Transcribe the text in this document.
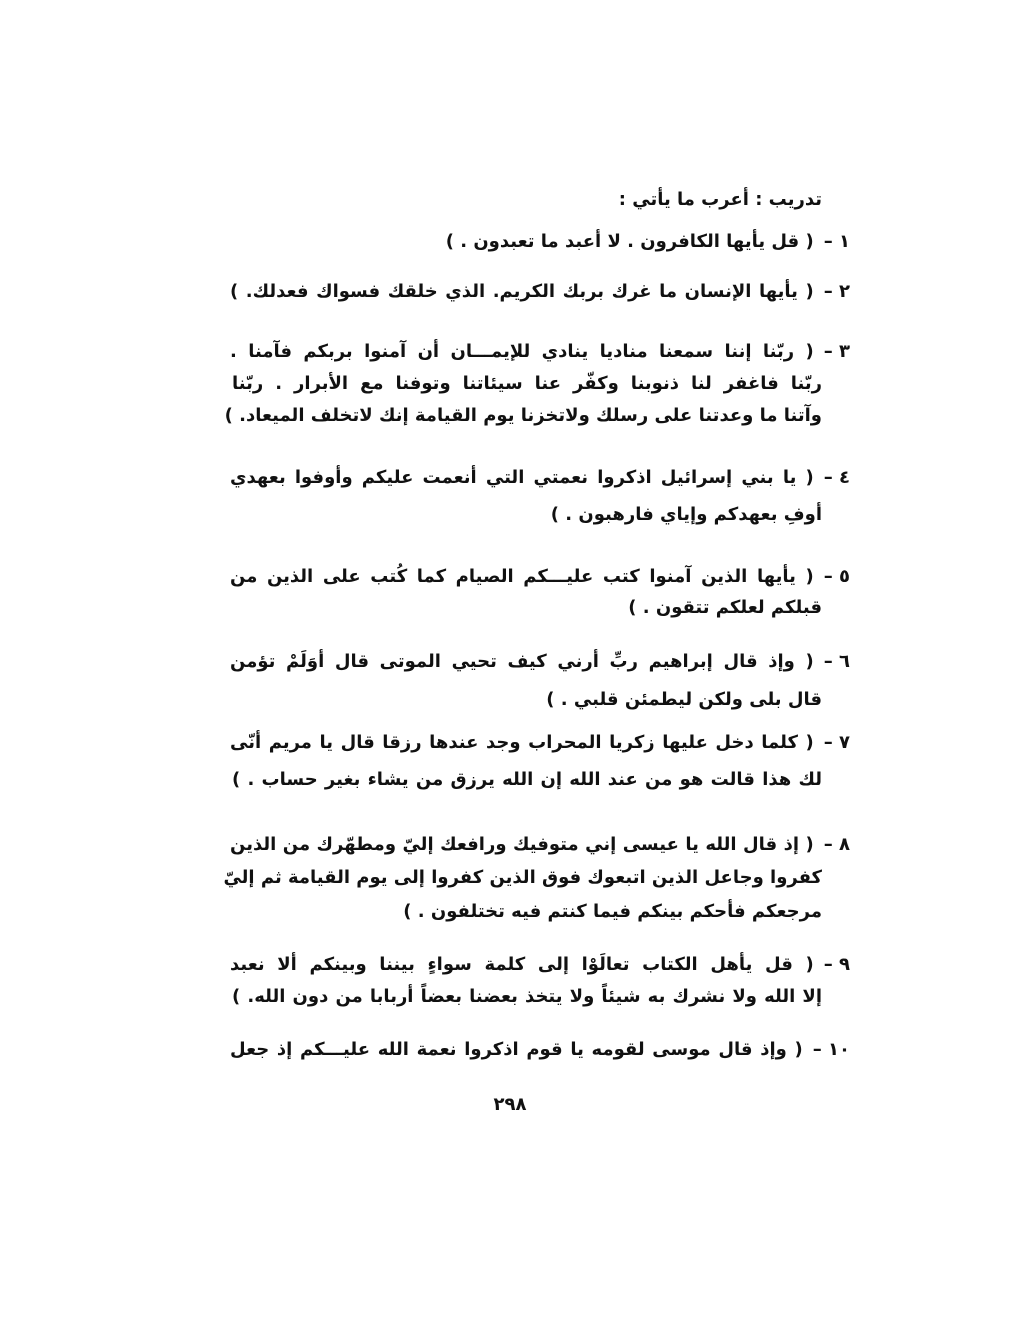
تدريب : أعرب ما يأتي :
١ –
( قل يأيها الكافرون . لا أعبد ما تعبدون . )
٢ –
( يأيها الإنسان ما غرك بربك الكريم. الذي خلقك فسواك فعدلك. )
٣ –
( ربّنا إننا سمعنا مناديا ينادي للإيمـــان أن آمنوا بربكم فآمنا .
ربّنا فاغفر لنا ذنوبنا وكفّر عنا سيئاتنا وتوفنا مع الأبرار . ربّنا
وآتنا ما وعدتنا على رسلك ولاتخزنا يوم القيامة إنك لاتخلف الميعاد. )
٤ –
( يا بني إسرائيل اذكروا نعمتي التي أنعمت عليكم وأوفوا بعهدي
أوفِ بعهدكم وإياي فارهبون . )
٥ –
( يأيها الذين آمنوا كتب عليـــكم الصيام كما كُتب على الذين من
قبلكم لعلكم تتقون . )
٦ –
( وإذ قال إبراهيم ربِّ أرني كيف تحيي الموتى قال أوَلَمْ تؤمن
قال بلى ولكن ليطمئن قلبي . )
٧ –
( كلما دخل عليها زكريا المحراب وجد عندها رزقا قال يا مريم أنّى
لك هذا قالت هو من عند الله إن الله يرزق من يشاء بغير حساب . )
٨ –
( إذ قال الله يا عيسى إني متوفيك ورافعك إليّ ومطهّرك من الذين
كفروا وجاعل الذين اتبعوك فوق الذين كفروا إلى يوم القيامة ثم إليّ
مرجعكم فأحكم بينكم فيما كنتم فيه تختلفون . )
٩ –
( قل يأهل الكتاب تعالَوْا إلى كلمة سواءٍ بيننا وبينكم ألا نعبد
إلا الله ولا نشرك به شيئاً ولا يتخذ بعضنا بعضاً أربابا من دون الله. )
١٠ –
( وإذ قال موسى لقومه يا قوم اذكروا نعمة الله عليـــكم إذ جعل
٢٩٨
